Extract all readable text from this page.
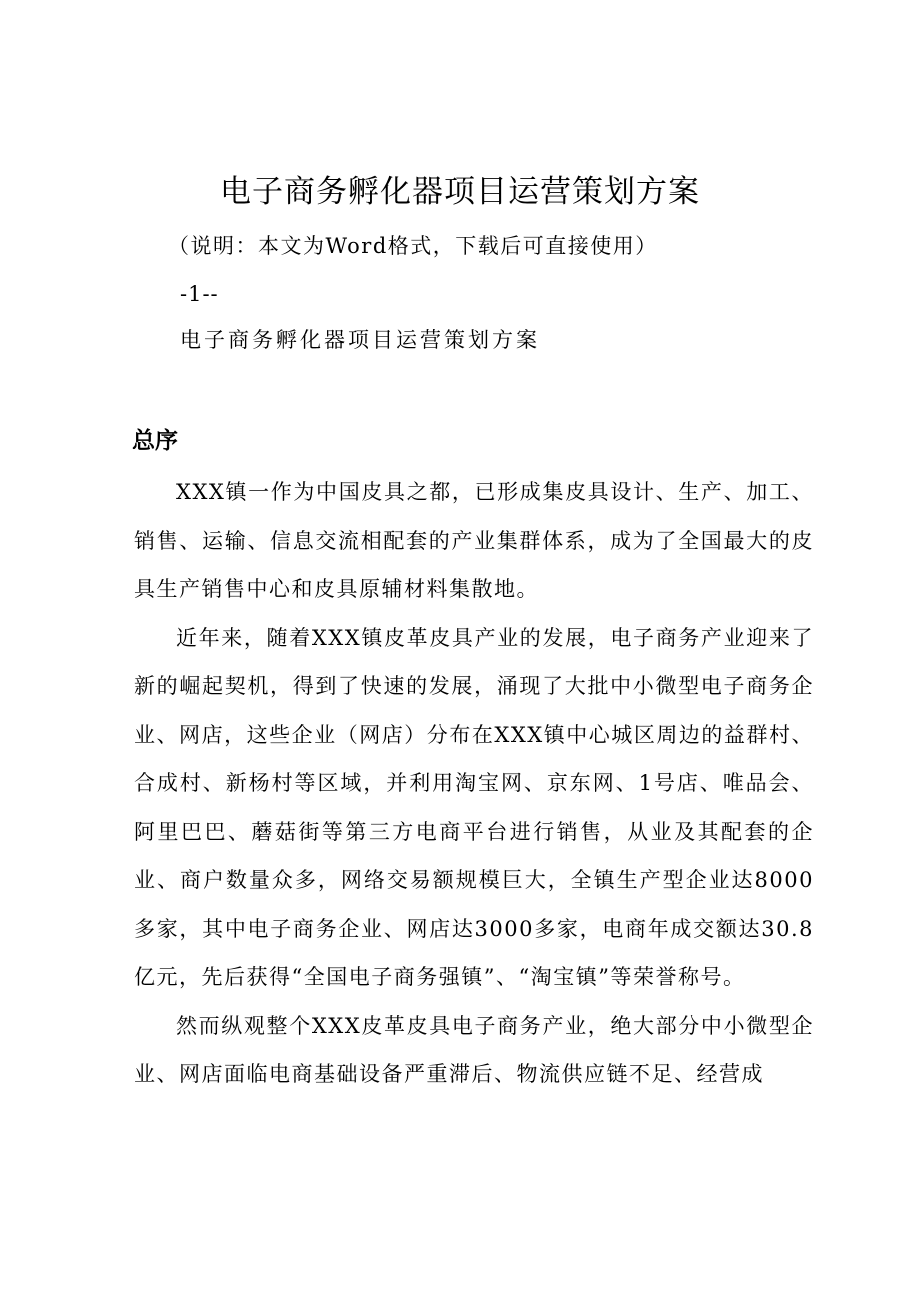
电子商务孵化器项目运营策划方案
（说明：本文为Word格式，下载后可直接使用）
-1--
电子商务孵化器项目运营策划方案
总序

XXX镇一作为中国皮具之都，已形成集皮具设计、生产、加工、销售、运输、信息交流相配套的产业集群体系，成为了全国最大的皮具生产销售中心和皮具原辅材料集散地。

近年来，随着XXX镇皮革皮具产业的发展，电子商务产业迎来了新的崛起契机，得到了快速的发展，涌现了大批中小微型电子商务企业、网店，这些企业（网店）分布在XXX镇中心城区周边的益群村、合成村、新杨村等区域，并利用淘宝网、京东网、1号店、唯品会、阿里巴巴、蘑菇街等第三方电商平台进行销售，从业及其配套的企业、商户数量众多，网络交易额规模巨大，全镇生产型企业达8000多家，其中电子商务企业、网店达3000多家，电商年成交额达30.8亿元，先后获得“全国电子商务强镇”、“淘宝镇”等荣誉称号。

然而纵观整个XXX皮革皮具电子商务产业，绝大部分中小微型企业、网店面临电商基础设备严重滞后、物流供应链不足、经营成
